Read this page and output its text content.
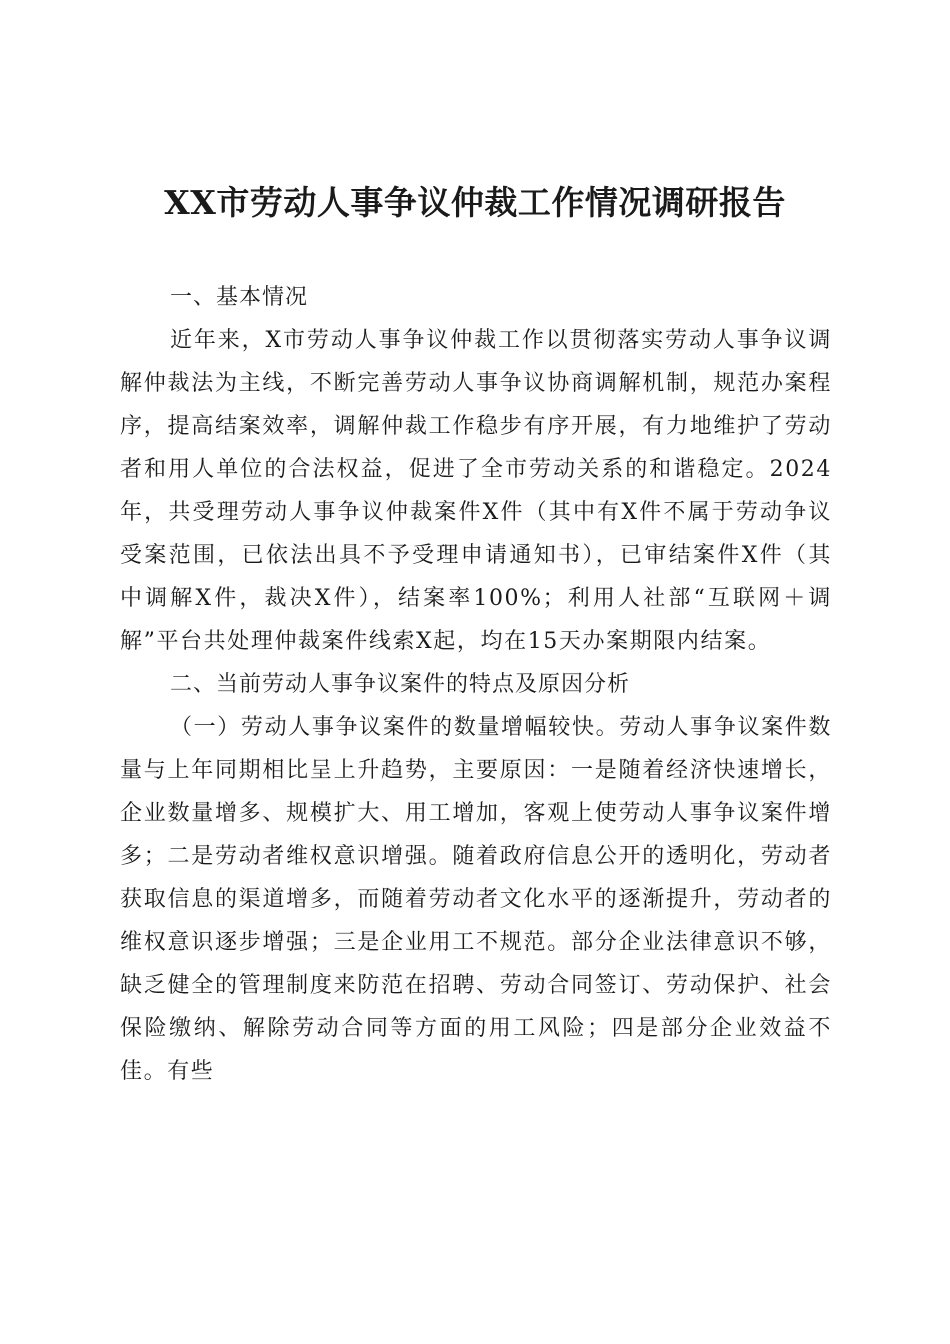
XX市劳动人事争议仲裁工作情况调研报告

一、基本情况

近年来，X市劳动人事争议仲裁工作以贯彻落实劳动人事争议调解仲裁法为主线，不断完善劳动人事争议协商调解机制，规范办案程序，提高结案效率，调解仲裁工作稳步有序开展，有力地维护了劳动者和用人单位的合法权益，促进了全市劳动关系的和谐稳定。2024年，共受理劳动人事争议仲裁案件X件（其中有X件不属于劳动争议受案范围，已依法出具不予受理申请通知书），已审结案件X件（其中调解X件，裁决X件），结案率100%；利用人社部“互联网＋调解”平台共处理仲裁案件线索X起，均在15天办案期限内结案。

二、当前劳动人事争议案件的特点及原因分析

（一）劳动人事争议案件的数量增幅较快。劳动人事争议案件数量与上年同期相比呈上升趋势，主要原因：一是随着经济快速增长，企业数量增多、规模扩大、用工增加，客观上使劳动人事争议案件增多；二是劳动者维权意识增强。随着政府信息公开的透明化，劳动者获取信息的渠道增多，而随着劳动者文化水平的逐渐提升，劳动者的维权意识逐步增强；三是企业用工不规范。部分企业法律意识不够，缺乏健全的管理制度来防范在招聘、劳动合同签订、劳动保护、社会保险缴纳、解除劳动合同等方面的用工风险；四是部分企业效益不佳。有些
